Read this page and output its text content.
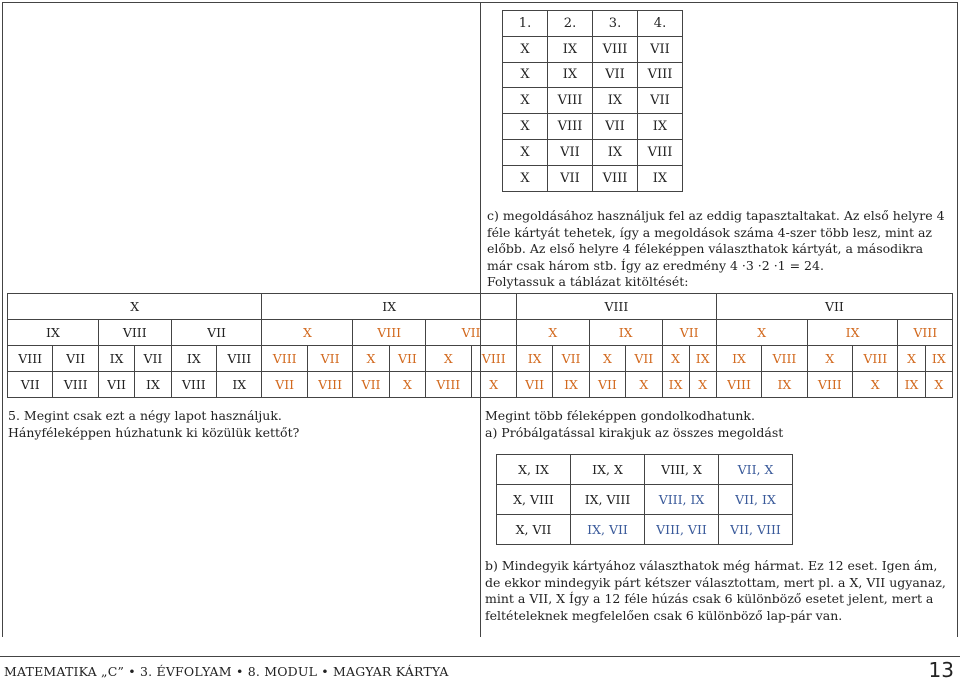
1.	2.	3.	4.
X	IX	VIII	VII
X	IX	VII	VIII
X	VIII	IX	VII
X	VIII	VII	IX
X	VII	IX	VIII
X	VII	VIII	IX
c) megoldásához használjuk fel az eddig tapasztaltakat. Az első helyre 4 féle kártyát tehetek, így a megoldások száma 4-szer több lesz, mint az előbb. Az első helyre 4 féleképpen választhatok kártyát, a másodikra már csak három stb. Így az eredmény 4 ·3 ·2 ·1 = 24.
Folytassuk a táblázat kitöltését:
X						IX						VIII						VII					
IX		VIII		VII		X		VIII		VII		X		IX		VII		X		IX		VIII	
VIII	VII	IX	VII	IX	VIII	VIII	VII	X	VII	X	VIII	IX	VII	X	VII	X	IX	IX	VIII	X	VIII	X	IX
VII	VIII	VII	IX	VIII	IX	VII	VIII	VII	X	VIII	X	VII	IX	VII	X	IX	X	VIII	IX	VIII	X	IX	X
5. Megint csak ezt a négy lapot használjuk.
Hányféleképpen húzhatunk ki közülük kettőt?
Megint több féleképpen gondolkodhatunk.
a) Próbálgatással kirakjuk az összes megoldást
X, IX	IX, X	VIII, X	VII, X
X, VIII	IX, VIII	VIII, IX	VII, IX
X, VII	IX, VII	VIII, VII	VII, VIII
b) Mindegyik kártyához választhatok még hármat. Ez 12 eset. Igen ám, de ekkor mindegyik párt kétszer választottam, mert pl. a X, VII ugyanaz, mint a VII, X Így a 12 féle húzás csak 6 különböző esetet jelent, mert a feltételeknek megfelelően csak 6 különböző lap-pár van.
MATEMATIKA „C” • 3. ÉVFOLYAM • 8. MODUL • MAGYAR KÁRTYA	13
